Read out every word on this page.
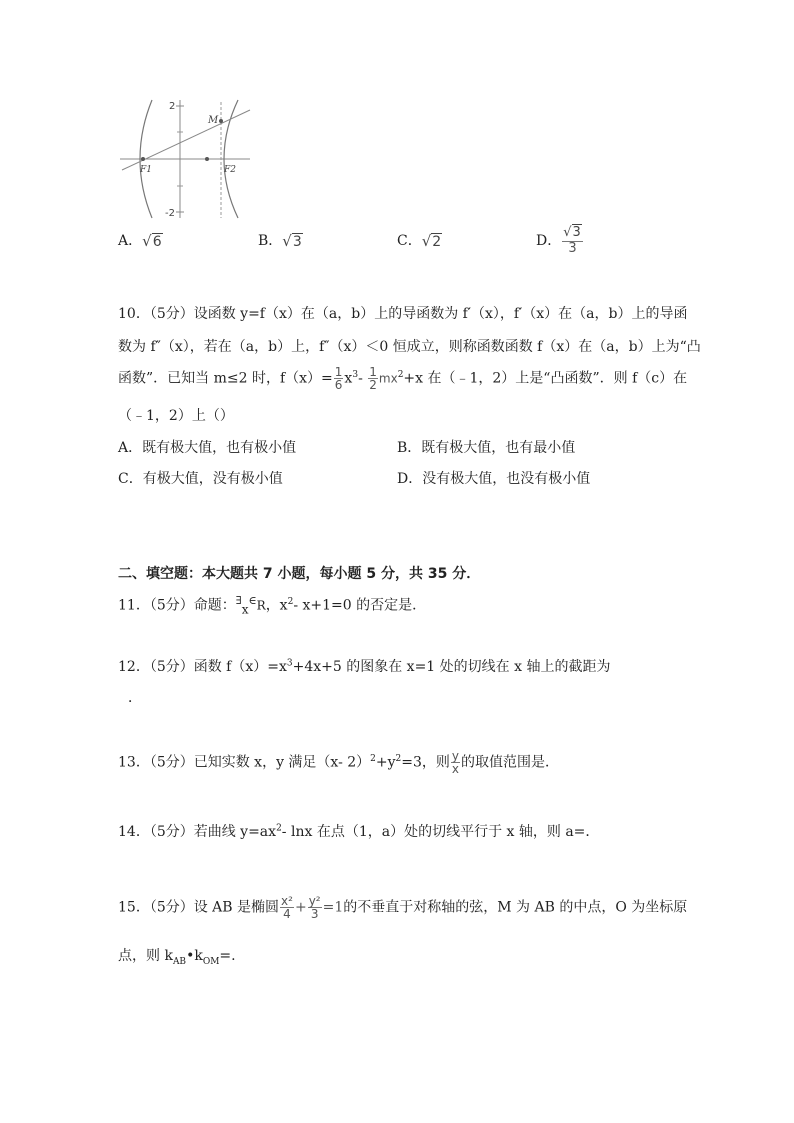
2
-2
M
F1	F2
A．√6	B．√3	C．√2	D． $\frac{√3}{3}$
10．（5分）设函数 y=f（x）在（a，b）上的导函数为 f′（x），f′（x）在（a，b）上的导函
数为 f″（x），若在（a，b）上，f″（x）＜0 恒成立，则称函数函数 f（x）在（a，b）上为“凸
函数”．已知当 m≤2 时，$f(x)= \frac{1}{6} x^3- \frac{1}{2} mx^2+x$ 在（﹣1，2）上是“凸函数”．则 f（c）在
（﹣1，2）上（）
A．既有极大值，也有极小值	B．既有极大值，也有最小值
C．有极大值，没有极小值	D．没有极大值，也没有极小值
二、填空题：本大题共 7 小题，每小题 5 分，共 35 分．
11．（5分）命题：∃x∈R，$x^2-$ x+1=0 的否定是．
12．（5分）函数 $f(x)=x^3+4x+5$ 的图象在 x=1 处的切线在 x 轴上的截距为
．
13．（5分）已知实数 x，y 满足（x- $2)^2+y^2=3$，则 $\frac{y}{x}$ 的取值范围是．
14．（5分）若曲线 $y=ax^2-$ lnx 在点（1，a）处的切线平行于 x 轴，则 a=．
15．（5分）设 AB 是椭圆 $\frac{\text{x²}}{4} + \frac{\text{y²}}{3} =1$的不垂直于对称轴的弦，M 为 AB 的中点，O 为坐标原
点，则 $k_{AB}•k_{OM}=$.
